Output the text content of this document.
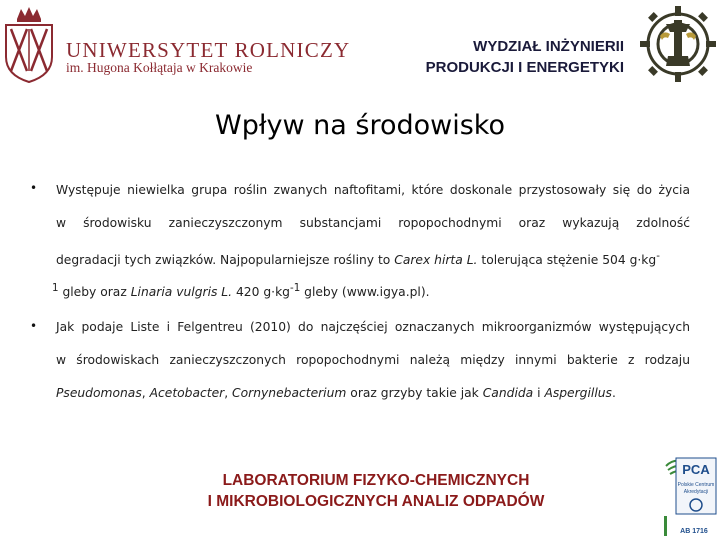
UNIWERSYTET ROLNICZY
im. Hugona Kołłątaja w Krakowie
WYDZIAŁ INŻYNIERII
PRODUKCJI I ENERGETYKI
Wpływ na środowisko
• Występuje niewielka grupa roślin zwanych naftofitami, które doskonale przystosowały się do życia
w środowisku zanieczyszczonym substancjami ropopochodnymi oraz wykazują zdolność
degradacji tych związków. Najpopularniejsze rośliny to Carex hirta L. tolerująca stężenie 504 g·kg-
$^1$ gleby oraz Linaria vulgris L. 420 $g\cdot kg^{-1}$ gleby (www.igya.pl).
• Jak podaje Liste i Felgentreu (2010) do najczęściej oznaczanych mikroorganizmów występujących
w środowiskach zanieczyszczonych ropopochodnymi należą między innymi bakterie z rodzaju
Pseudomonas, Acetobacter, Cornynebacterium oraz grzyby takie jak Candida i Aspergillus.
LABORATORIUM FIZYKO-CHEMICZNYCH
I MIKROBIOLOGICZNYCH ANALIZ ODPADÓW
PCA
Polskie Centrum
Akredytacji
AB 1716
